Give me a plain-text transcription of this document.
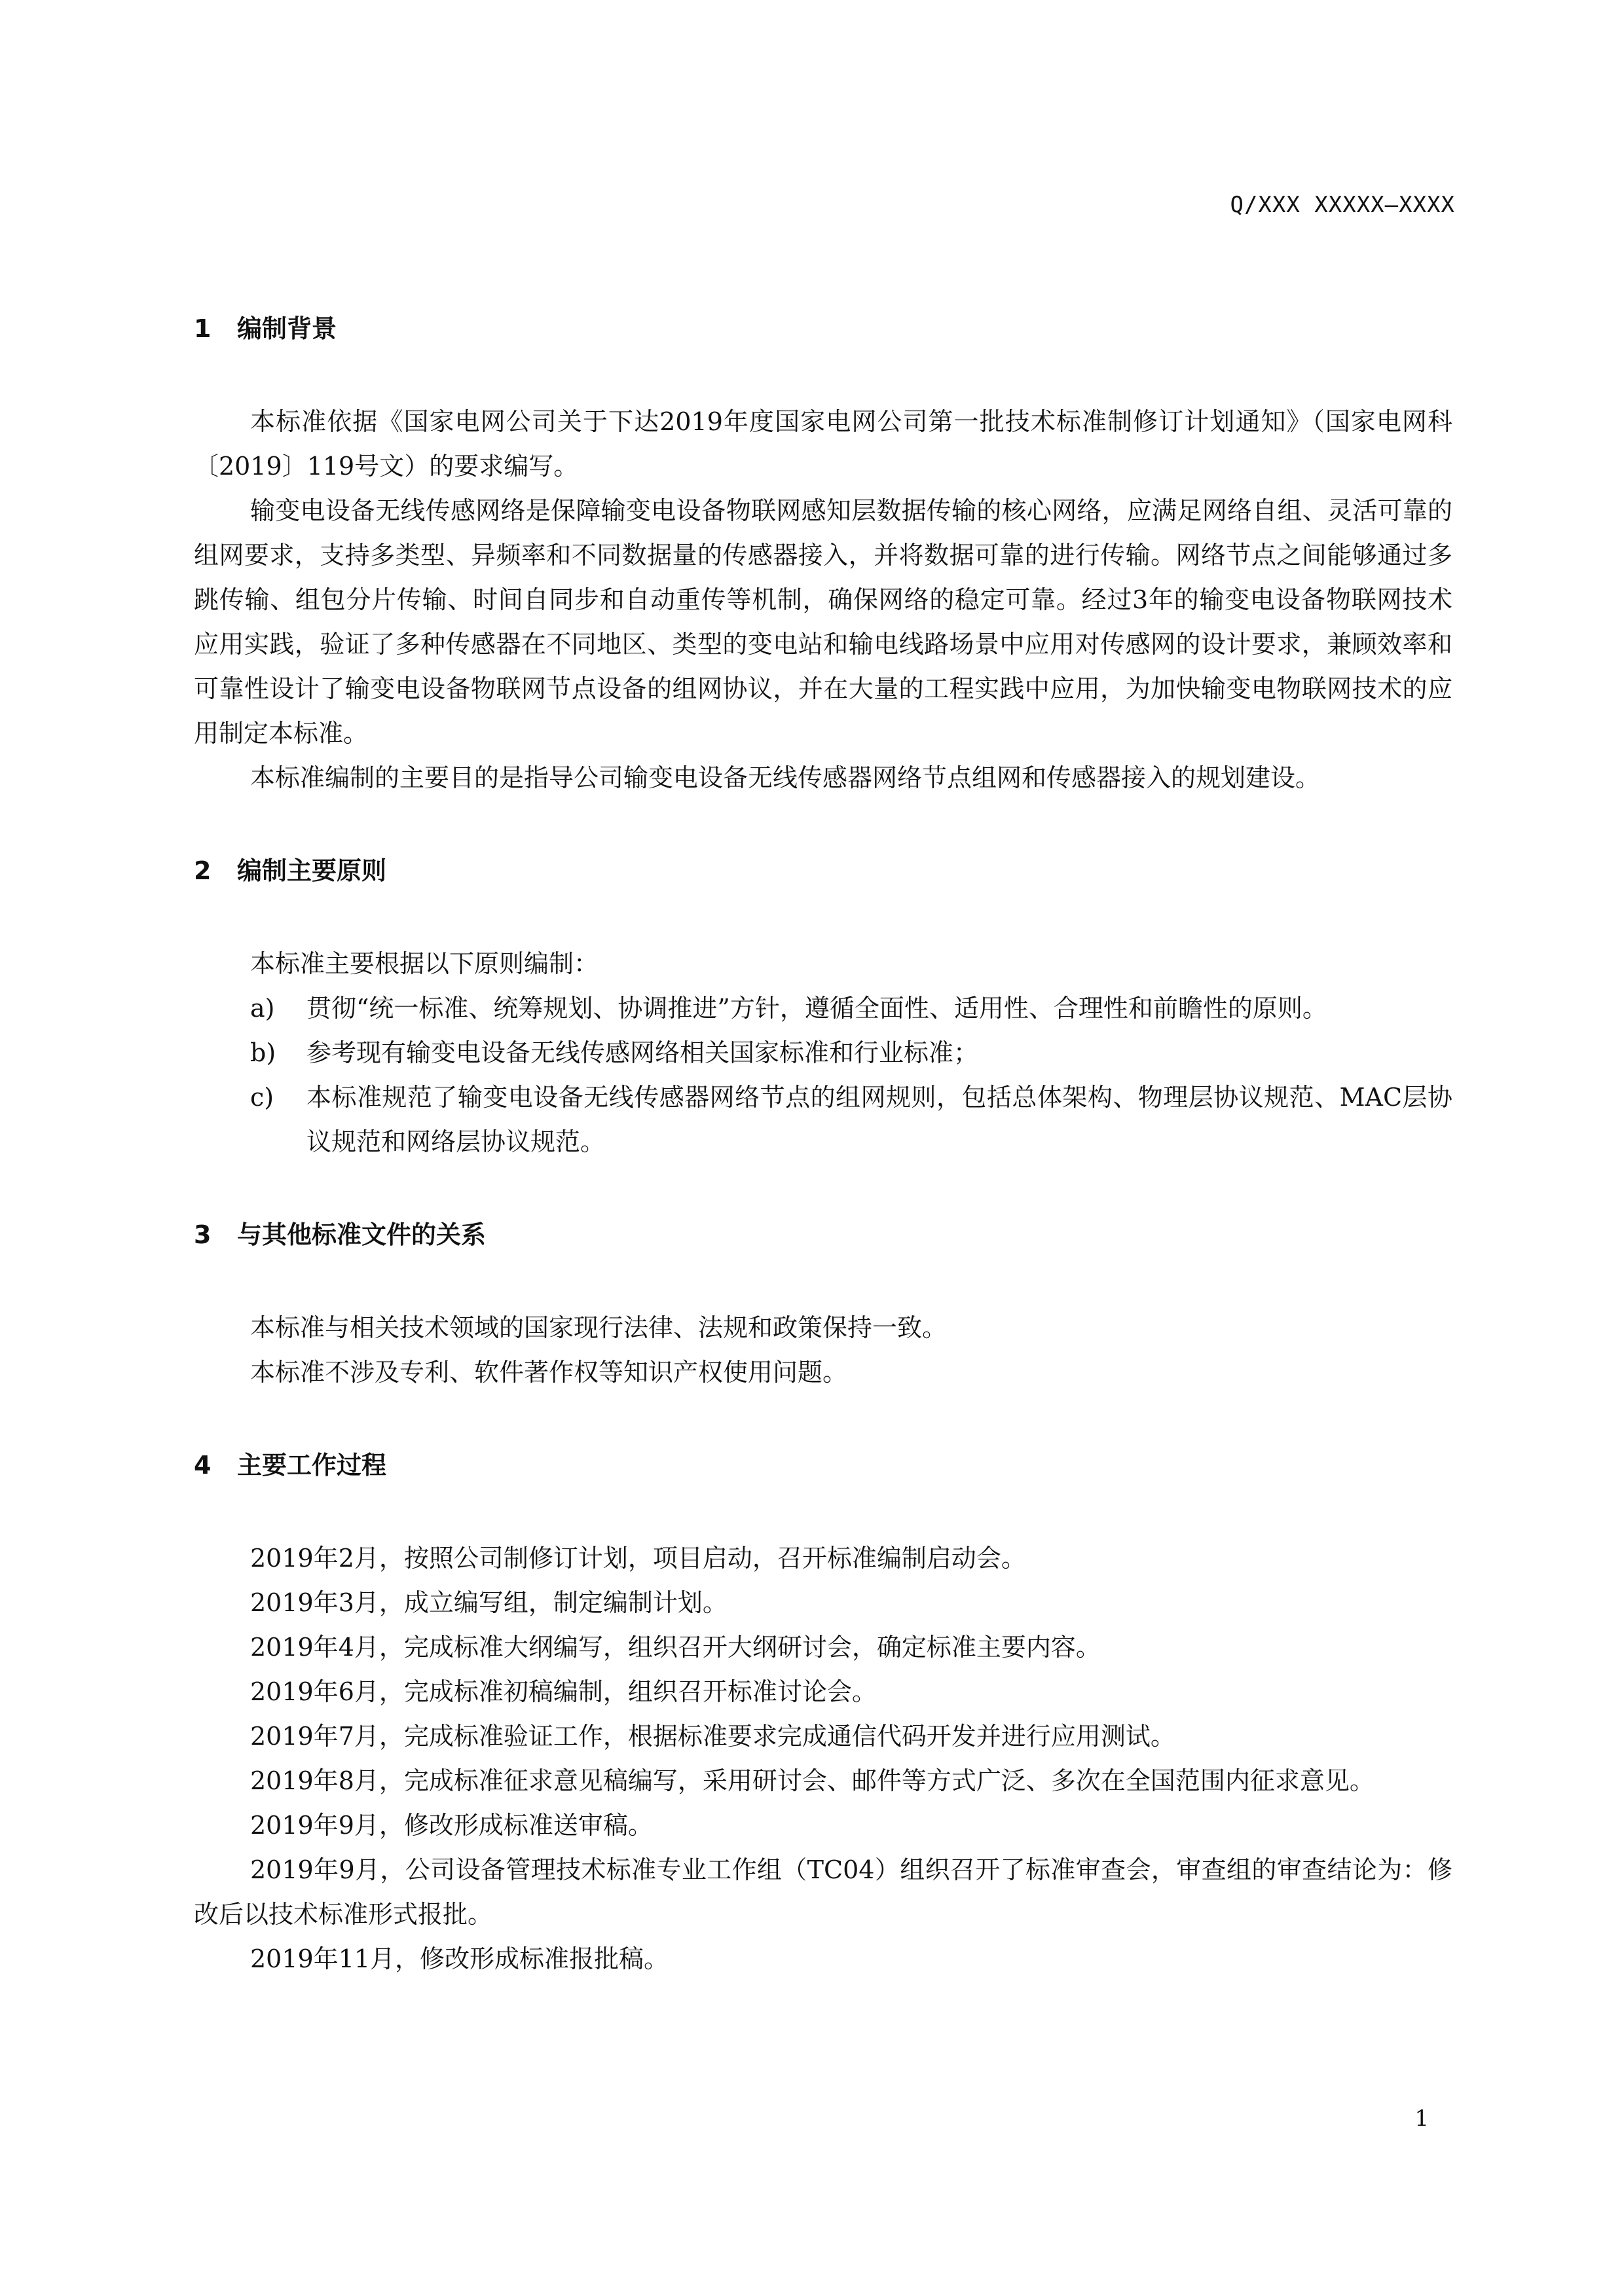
Q/XXX XXXXX—XXXX
1	编制背景

本标准依据《国家电网公司关于下达2019年度国家电网公司第一批技术标准制修订计划通知》（国家电网科〔2019〕119号文）的要求编写。

输变电设备无线传感网络是保障输变电设备物联网感知层数据传输的核心网络，应满足网络自组、灵活可靠的组网要求，支持多类型、异频率和不同数据量的传感器接入，并将数据可靠的进行传输。网络节点之间能够通过多跳传输、组包分片传输、时间自同步和自动重传等机制，确保网络的稳定可靠。经过3年的输变电设备物联网技术应用实践，验证了多种传感器在不同地区、类型的变电站和输电线路场景中应用对传感网的设计要求，兼顾效率和可靠性设计了输变电设备物联网节点设备的组网协议，并在大量的工程实践中应用，为加快输变电物联网技术的应用制定本标准。

本标准编制的主要目的是指导公司输变电设备无线传感器网络节点组网和传感器接入的规划建设。

2	编制主要原则

本标准主要根据以下原则编制：

a)	贯彻“统一标准、统筹规划、协调推进”方针，遵循全面性、适用性、合理性和前瞻性的原则。
b)	参考现有输变电设备无线传感网络相关国家标准和行业标准；
c)	本标准规范了输变电设备无线传感器网络节点的组网规则，包括总体架构、物理层协议规范、MAC层协议规范和网络层协议规范。
3	与其他标准文件的关系

本标准与相关技术领域的国家现行法律、法规和政策保持一致。

本标准不涉及专利、软件著作权等知识产权使用问题。

4	主要工作过程

2019年2月，按照公司制修订计划，项目启动，召开标准编制启动会。

2019年3月，成立编写组，制定编制计划。

2019年4月，完成标准大纲编写，组织召开大纲研讨会，确定标准主要内容。

2019年6月，完成标准初稿编制，组织召开标准讨论会。

2019年7月，完成标准验证工作，根据标准要求完成通信代码开发并进行应用测试。

2019年8月，完成标准征求意见稿编写，采用研讨会、邮件等方式广泛、多次在全国范围内征求意见。

2019年9月，修改形成标准送审稿。

2019年9月，公司设备管理技术标准专业工作组（TC04）组织召开了标准审查会，审查组的审查结论为：修改后以技术标准形式报批。

2019年11月，修改形成标准报批稿。

1
